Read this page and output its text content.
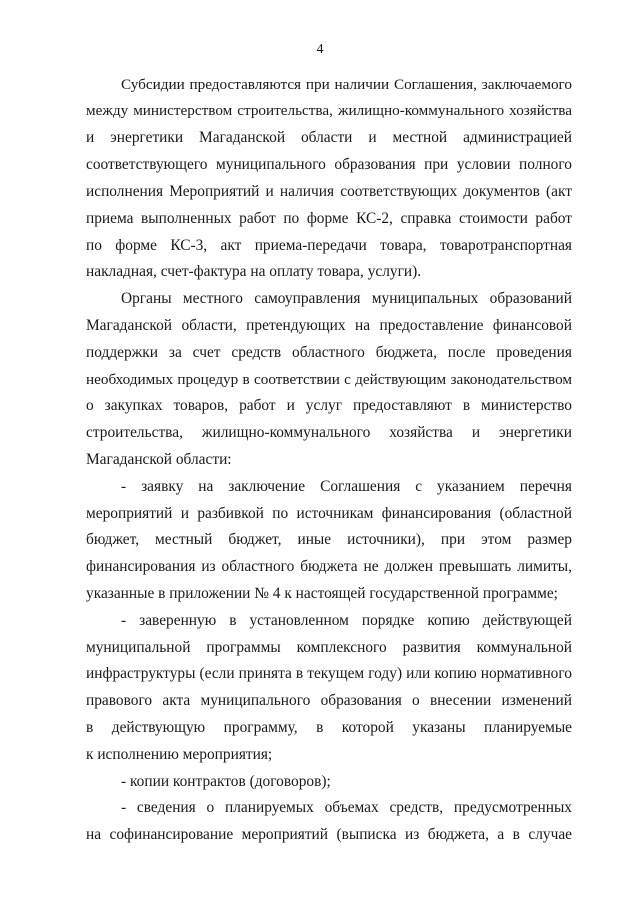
4
Субсидии предоставляются при наличии Соглашения, заключаемого
между министерством строительства, жилищно-коммунального хозяйства
и энергетики Магаданской области и местной администрацией
соответствующего муниципального образования при условии полного
исполнения Мероприятий и наличия соответствующих документов (акт
приема выполненных работ по форме КС-2, справка стоимости работ
по форме КС-3, акт приема-передачи товара, товаротранспортная
накладная, счет-фактура на оплату товара, услуги).
Органы местного самоуправления муниципальных образований
Магаданской области, претендующих на предоставление финансовой
поддержки за счет средств областного бюджета, после проведения
необходимых процедур в соответствии с действующим законодательством
о закупках товаров, работ и услуг предоставляют в министерство
строительства, жилищно-коммунального хозяйства и энергетики
Магаданской области:
- заявку на заключение Соглашения с указанием перечня
мероприятий и разбивкой по источникам финансирования (областной
бюджет, местный бюджет, иные источники), при этом размер
финансирования из областного бюджета не должен превышать лимиты,
указанные в приложении № 4 к настоящей государственной программе;
- заверенную в установленном порядке копию действующей
муниципальной программы комплексного развития коммунальной
инфраструктуры (если принята в текущем году) или копию нормативного
правового акта муниципального образования о внесении изменений
в действующую программу, в которой указаны планируемые
к исполнению мероприятия;
- копии контрактов (договоров);
- сведения о планируемых объемах средств, предусмотренных
на софинансирование мероприятий (выписка из бюджета, а в случае
